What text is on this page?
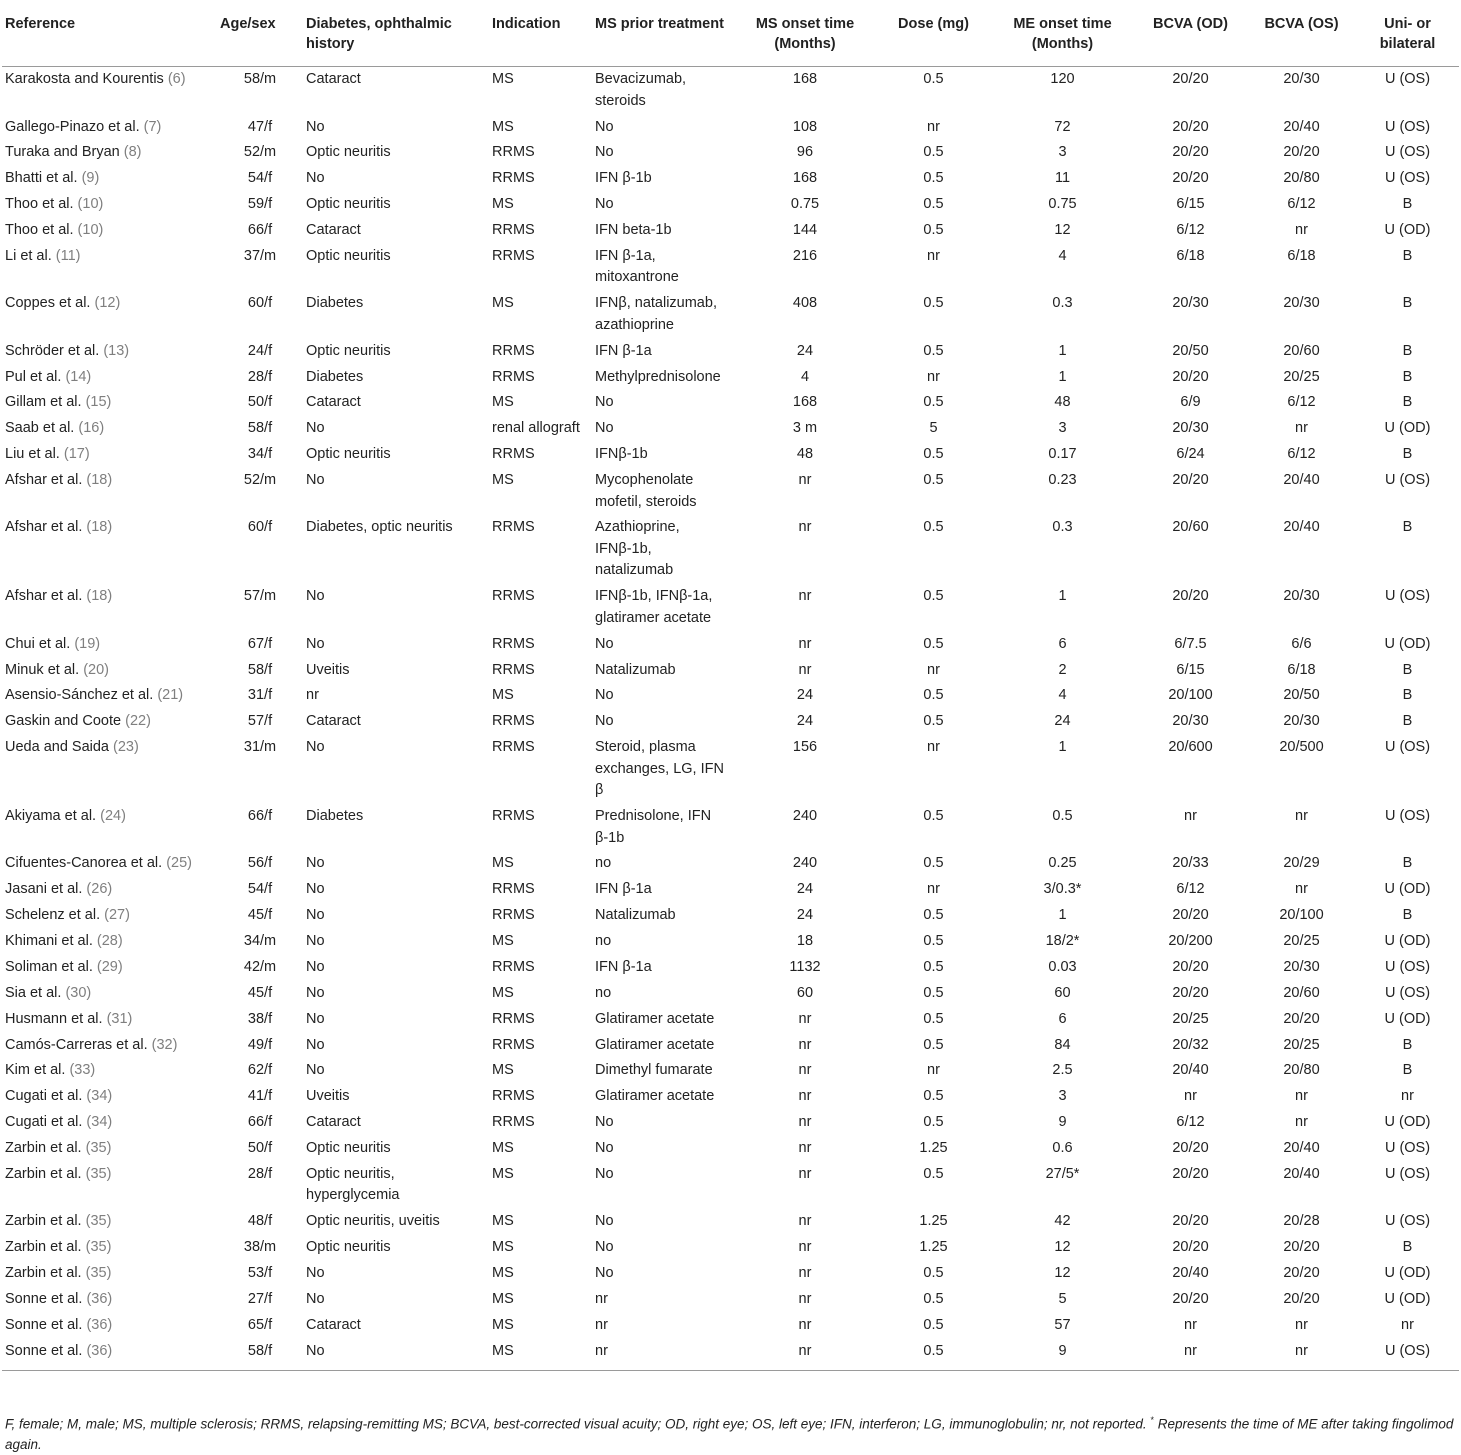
Reference	Age/sex	Diabetes, ophthalmic history	Indication	MS prior treatment	MS onset time (Months)	Dose (mg)	ME onset time (Months)	BCVA (OD)	BCVA (OS)	Uni- or bilateral
Karakosta and Kourentis (6)	58/m	Cataract	MS	Bevacizumab, steroids	168	0.5	120	20/20	20/30	U (OS)
Gallego-Pinazo et al. (7)	47/f	No	MS	No	108	nr	72	20/20	20/40	U (OS)
Turaka and Bryan (8)	52/m	Optic neuritis	RRMS	No	96	0.5	3	20/20	20/20	U (OS)
Bhatti et al. (9)	54/f	No	RRMS	IFN β-1b	168	0.5	11	20/20	20/80	U (OS)
Thoo et al. (10)	59/f	Optic neuritis	MS	No	0.75	0.5	0.75	6/15	6/12	B
Thoo et al. (10)	66/f	Cataract	RRMS	IFN beta-1b	144	0.5	12	6/12	nr	U (OD)
Li et al. (11)	37/m	Optic neuritis	RRMS	IFN β-1a, mitoxantrone	216	nr	4	6/18	6/18	B
Coppes et al. (12)	60/f	Diabetes	MS	IFNβ, natalizumab, azathioprine	408	0.5	0.3	20/30	20/30	B
Schröder et al. (13)	24/f	Optic neuritis	RRMS	IFN β-1a	24	0.5	1	20/50	20/60	B
Pul et al. (14)	28/f	Diabetes	RRMS	Methylprednisolone	4	nr	1	20/20	20/25	B
Gillam et al. (15)	50/f	Cataract	MS	No	168	0.5	48	6/9	6/12	B
Saab et al. (16)	58/f	No	renal allograft	No	3 m	5	3	20/30	nr	U (OD)
Liu et al. (17)	34/f	Optic neuritis	RRMS	IFNβ-1b	48	0.5	0.17	6/24	6/12	B
Afshar et al. (18)	52/m	No	MS	Mycophenolate mofetil, steroids	nr	0.5	0.23	20/20	20/40	U (OS)
Afshar et al. (18)	60/f	Diabetes, optic neuritis	RRMS	Azathioprine, IFNβ-1b, natalizumab	nr	0.5	0.3	20/60	20/40	B
Afshar et al. (18)	57/m	No	RRMS	IFNβ-1b, IFNβ-1a, glatiramer acetate	nr	0.5	1	20/20	20/30	U (OS)
Chui et al. (19)	67/f	No	RRMS	No	nr	0.5	6	6/7.5	6/6	U (OD)
Minuk et al. (20)	58/f	Uveitis	RRMS	Natalizumab	nr	nr	2	6/15	6/18	B
Asensio-Sánchez et al. (21)	31/f	nr	MS	No	24	0.5	4	20/100	20/50	B
Gaskin and Coote (22)	57/f	Cataract	RRMS	No	24	0.5	24	20/30	20/30	B
Ueda and Saida (23)	31/m	No	RRMS	Steroid, plasma exchanges, LG, IFN β	156	nr	1	20/600	20/500	U (OS)
Akiyama et al. (24)	66/f	Diabetes	RRMS	Prednisolone, IFN β-1b	240	0.5	0.5	nr	nr	U (OS)
Cifuentes-Canorea et al. (25)	56/f	No	MS	no	240	0.5	0.25	20/33	20/29	B
Jasani et al. (26)	54/f	No	RRMS	IFN β-1a	24	nr	3/0.3*	6/12	nr	U (OD)
Schelenz et al. (27)	45/f	No	RRMS	Natalizumab	24	0.5	1	20/20	20/100	B
Khimani et al. (28)	34/m	No	MS	no	18	0.5	18/2*	20/200	20/25	U (OD)
Soliman et al. (29)	42/m	No	RRMS	IFN β-1a	1132	0.5	0.03	20/20	20/30	U (OS)
Sia et al. (30)	45/f	No	MS	no	60	0.5	60	20/20	20/60	U (OS)
Husmann et al. (31)	38/f	No	RRMS	Glatiramer acetate	nr	0.5	6	20/25	20/20	U (OD)
Camós-Carreras et al. (32)	49/f	No	RRMS	Glatiramer acetate	nr	0.5	84	20/32	20/25	B
Kim et al. (33)	62/f	No	MS	Dimethyl fumarate	nr	nr	2.5	20/40	20/80	B
Cugati et al. (34)	41/f	Uveitis	RRMS	Glatiramer acetate	nr	0.5	3	nr	nr	nr
Cugati et al. (34)	66/f	Cataract	RRMS	No	nr	0.5	9	6/12	nr	U (OD)
Zarbin et al. (35)	50/f	Optic neuritis	MS	No	nr	1.25	0.6	20/20	20/40	U (OS)
Zarbin et al. (35)	28/f	Optic neuritis, hyperglycemia	MS	No	nr	0.5	27/5*	20/20	20/40	U (OS)
Zarbin et al. (35)	48/f	Optic neuritis, uveitis	MS	No	nr	1.25	42	20/20	20/28	U (OS)
Zarbin et al. (35)	38/m	Optic neuritis	MS	No	nr	1.25	12	20/20	20/20	B
Zarbin et al. (35)	53/f	No	MS	No	nr	0.5	12	20/40	20/20	U (OD)
Sonne et al. (36)	27/f	No	MS	nr	nr	0.5	5	20/20	20/20	U (OD)
Sonne et al. (36)	65/f	Cataract	MS	nr	nr	0.5	57	nr	nr	nr
Sonne et al. (36)	58/f	No	MS	nr	nr	0.5	9	nr	nr	U (OS)
F, female; M, male; MS, multiple sclerosis; RRMS, relapsing-remitting MS; BCVA, best-corrected visual acuity; OD, right eye; OS, left eye; IFN, interferon; LG, immunoglobulin; nr, not reported. * Represents the time of ME after taking fingolimod again.
